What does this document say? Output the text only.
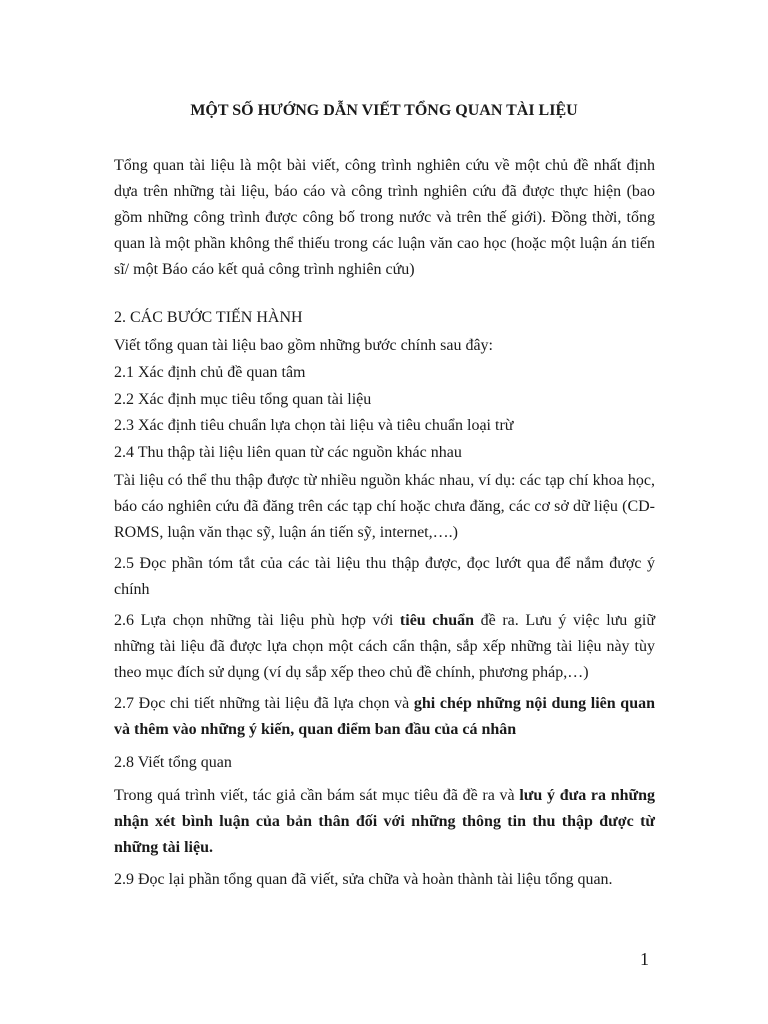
MỘT SỐ HƯỚNG DẪN VIẾT TỔNG QUAN TÀI LIỆU

Tổng quan tài liệu là một bài viết, công trình nghiên cứu về một chủ đề nhất định dựa trên những tài liệu, báo cáo và công trình nghiên cứu đã được thực hiện (bao gồm những công trình được công bố trong nước và trên thế giới). Đồng thời, tổng quan là một phần không thể thiếu trong các luận văn cao học (hoặc một luận án tiến sĩ/ một Báo cáo kết quả công trình nghiên cứu)

2. CÁC BƯỚC TIẾN HÀNH

Viết tổng quan tài liệu bao gồm những bước chính sau đây:

2.1 Xác định chủ đề quan tâm

2.2 Xác định mục tiêu tổng quan tài liệu

2.3 Xác định tiêu chuẩn lựa chọn tài liệu và tiêu chuẩn loại trừ

2.4 Thu thập tài liệu liên quan từ các nguồn khác nhau

Tài liệu có thể thu thập được từ nhiều nguồn khác nhau, ví dụ: các tạp chí khoa học, báo cáo nghiên cứu đã đăng trên các tạp chí hoặc chưa đăng, các cơ sở dữ liệu (CD-ROMS, luận văn thạc sỹ, luận án tiến sỹ, internet,….)

2.5 Đọc phần tóm tắt của các tài liệu thu thập được, đọc lướt qua để nắm được ý chính

2.6 Lựa chọn những tài liệu phù hợp với tiêu chuẩn đề ra. Lưu ý việc lưu giữ những tài liệu đã được lựa chọn một cách cẩn thận, sắp xếp những tài liệu này tùy theo mục đích sử dụng (ví dụ sắp xếp theo chủ đề chính, phương pháp,…)

2.7 Đọc chi tiết những tài liệu đã lựa chọn và ghi chép những nội dung liên quan và thêm vào những ý kiến, quan điểm ban đầu của cá nhân

2.8 Viết tổng quan

Trong quá trình viết, tác giả cần bám sát mục tiêu đã đề ra và lưu ý đưa ra những nhận xét bình luận của bản thân đối với những thông tin thu thập được từ những tài liệu.

2.9 Đọc lại phần tổng quan đã viết, sửa chữa và hoàn thành tài liệu tổng quan.

1
